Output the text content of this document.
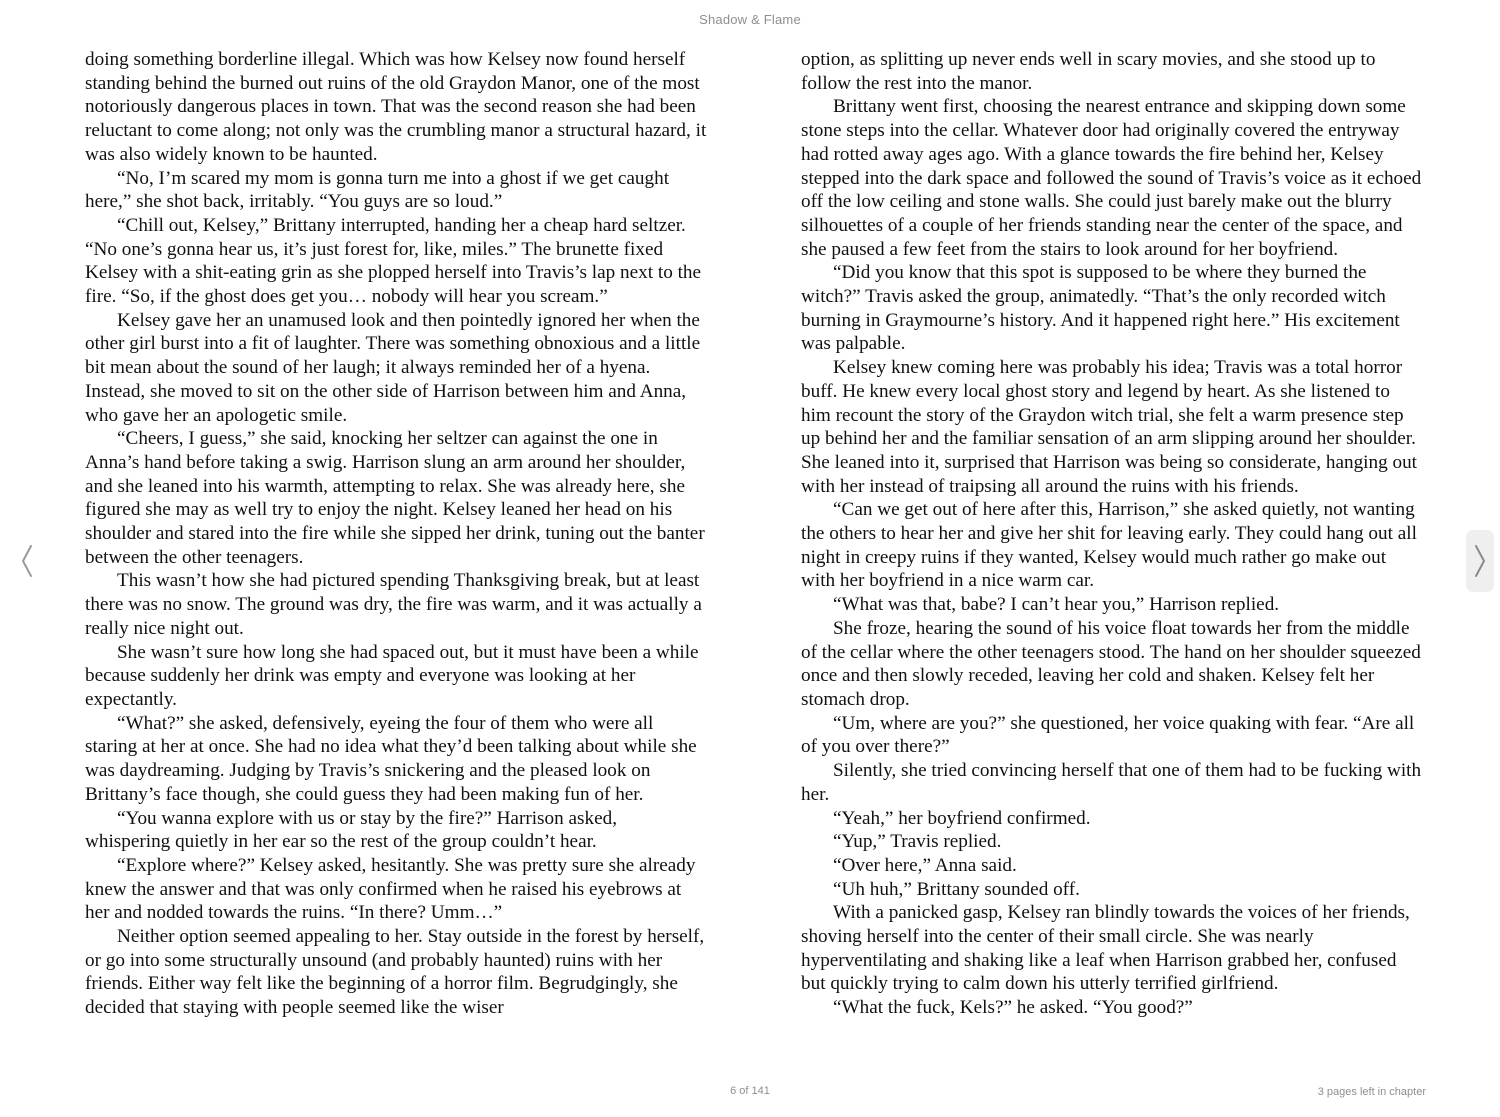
Shadow & Flame

doing something borderline illegal. Which was how Kelsey now found herself standing behind the burned out ruins of the old Graydon Manor, one of the most notoriously dangerous places in town. That was the second reason she had been reluctant to come along; not only was the crumbling manor a structural hazard, it was also widely known to be haunted.

“No, I’m scared my mom is gonna turn me into a ghost if we get caught here,” she shot back, irritably. “You guys are so loud.”

“Chill out, Kelsey,” Brittany interrupted, handing her a cheap hard seltzer. “No one’s gonna hear us, it’s just forest for, like, miles.” The brunette fixed Kelsey with a shit-eating grin as she plopped herself into Travis’s lap next to the fire. “So, if the ghost does get you… nobody will hear you scream.”

Kelsey gave her an unamused look and then pointedly ignored her when the other girl burst into a fit of laughter. There was something obnoxious and a little bit mean about the sound of her laugh; it always reminded her of a hyena. Instead, she moved to sit on the other side of Harrison between him and Anna, who gave her an apologetic smile.

“Cheers, I guess,” she said, knocking her seltzer can against the one in Anna’s hand before taking a swig. Harrison slung an arm around her shoulder, and she leaned into his warmth, attempting to relax. She was already here, she figured she may as well try to enjoy the night. Kelsey leaned her head on his shoulder and stared into the fire while she sipped her drink, tuning out the banter between the other teenagers.

This wasn’t how she had pictured spending Thanksgiving break, but at least there was no snow. The ground was dry, the fire was warm, and it was actually a really nice night out.

She wasn’t sure how long she had spaced out, but it must have been a while because suddenly her drink was empty and everyone was looking at her expectantly.

“What?” she asked, defensively, eyeing the four of them who were all staring at her at once. She had no idea what they’d been talking about while she was daydreaming. Judging by Travis’s snickering and the pleased look on Brittany’s face though, she could guess they had been making fun of her.

“You wanna explore with us or stay by the fire?” Harrison asked, whispering quietly in her ear so the rest of the group couldn’t hear.

“Explore where?” Kelsey asked, hesitantly. She was pretty sure she already knew the answer and that was only confirmed when he raised his eyebrows at her and nodded towards the ruins. “In there? Umm…”

Neither option seemed appealing to her. Stay outside in the forest by herself, or go into some structurally unsound (and probably haunted) ruins with her friends. Either way felt like the beginning of a horror film. Begrudgingly, she decided that staying with people seemed like the wiser

option, as splitting up never ends well in scary movies, and she stood up to follow the rest into the manor.

Brittany went first, choosing the nearest entrance and skipping down some stone steps into the cellar. Whatever door had originally covered the entryway had rotted away ages ago. With a glance towards the fire behind her, Kelsey stepped into the dark space and followed the sound of Travis’s voice as it echoed off the low ceiling and stone walls. She could just barely make out the blurry silhouettes of a couple of her friends standing near the center of the space, and she paused a few feet from the stairs to look around for her boyfriend.

“Did you know that this spot is supposed to be where they burned the witch?” Travis asked the group, animatedly. “That’s the only recorded witch burning in Graymourne’s history. And it happened right here.” His excitement was palpable.

Kelsey knew coming here was probably his idea; Travis was a total horror buff. He knew every local ghost story and legend by heart. As she listened to him recount the story of the Graydon witch trial, she felt a warm presence step up behind her and the familiar sensation of an arm slipping around her shoulder. She leaned into it, surprised that Harrison was being so considerate, hanging out with her instead of traipsing all around the ruins with his friends.

“Can we get out of here after this, Harrison,” she asked quietly, not wanting the others to hear her and give her shit for leaving early. They could hang out all night in creepy ruins if they wanted, Kelsey would much rather go make out with her boyfriend in a nice warm car.

“What was that, babe? I can’t hear you,” Harrison replied.

She froze, hearing the sound of his voice float towards her from the middle of the cellar where the other teenagers stood. The hand on her shoulder squeezed once and then slowly receded, leaving her cold and shaken. Kelsey felt her stomach drop.

“Um, where are you?” she questioned, her voice quaking with fear. “Are all of you over there?”

Silently, she tried convincing herself that one of them had to be fucking with her.

“Yeah,” her boyfriend confirmed.

“Yup,” Travis replied.

“Over here,” Anna said.

“Uh huh,” Brittany sounded off.

With a panicked gasp, Kelsey ran blindly towards the voices of her friends, shoving herself into the center of their small circle. She was nearly hyperventilating and shaking like a leaf when Harrison grabbed her, confused but quickly trying to calm down his utterly terrified girlfriend.

“What the fuck, Kels?” he asked. “You good?”

6 of 141	3 pages left in chapter
